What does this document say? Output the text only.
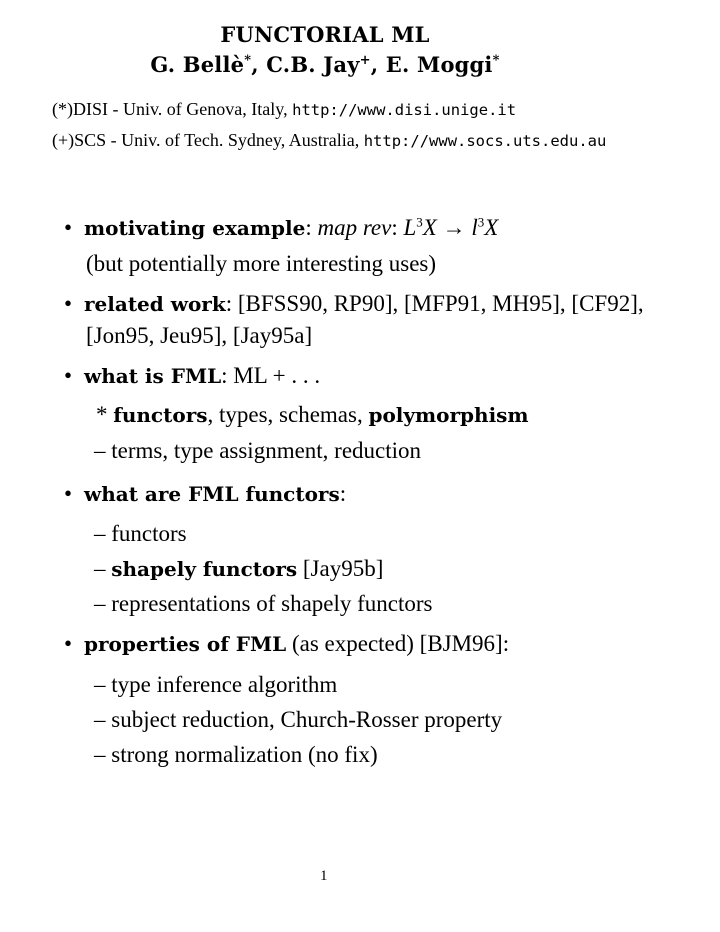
FUNCTORIAL ML
G. Bellè*, C.B. Jay+, E. Moggi*
(*)DISI - Univ. of Genova, Italy, http://www.disi.unige.it
(+)SCS - Univ. of Tech. Sydney, Australia, http://www.socs.uts.edu.au
• motivating example: map rev: $L^3X \to l^3X$
(but potentially more interesting uses)
• related work: [BFSS90, RP90], [MFP91, MH95], [CF92],
[Jon95, Jeu95], [Jay95a]
• what is FML: ML + . . .
* functors, types, schemas, polymorphism
– terms, type assignment, reduction
• what are FML functors:
– functors
– shapely functors [Jay95b]
– representations of shapely functors
• properties of FML (as expected) [BJM96]:
– type inference algorithm
– subject reduction, Church-Rosser property
– strong normalization (no fix)
1
